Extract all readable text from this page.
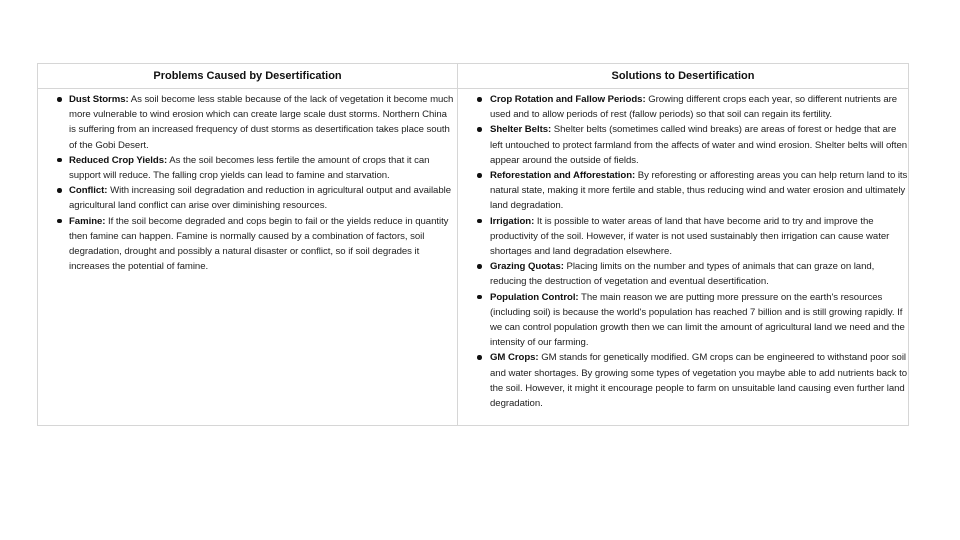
Problems Caused by Desertification
Dust Storms: As soil become less stable because of the lack of vegetation it become much more vulnerable to wind erosion which can create large scale dust storms. Northern China is suffering from an increased frequency of dust storms as desertification takes place south of the Gobi Desert.
Reduced Crop Yields: As the soil becomes less fertile the amount of crops that it can support will reduce. The falling crop yields can lead to famine and starvation.
Conflict: With increasing soil degradation and reduction in agricultural output and available agricultural land conflict can arise over diminishing resources.
Famine: If the soil become degraded and cops begin to fail or the yields reduce in quantity then famine can happen. Famine is normally caused by a combination of factors, soil degradation, drought and possibly a natural disaster or conflict, so if soil degrades it increases the potential of famine.
Solutions to Desertification
Crop Rotation and Fallow Periods: Growing different crops each year, so different nutrients are used and to allow periods of rest (fallow periods) so that soil can regain its fertility.
Shelter Belts: Shelter belts (sometimes called wind breaks) are areas of forest or hedge that are left untouched to protect farmland from the affects of water and wind erosion. Shelter belts will often appear around the outside of fields.
Reforestation and Afforestation: By reforesting or afforesting areas you can help return land to its natural state, making it more fertile and stable, thus reducing wind and water erosion and ultimately land degradation.
Irrigation: It is possible to water areas of land that have become arid to try and improve the productivity of the soil. However, if water is not used sustainably then irrigation can cause water shortages and land degradation elsewhere.
Grazing Quotas: Placing limits on the number and types of animals that can graze on land, reducing the destruction of vegetation and eventual desertification.
Population Control: The main reason we are putting more pressure on the earth's resources (including soil) is because the world's population has reached 7 billion and is still growing rapidly. If we can control population growth then we can limit the amount of agricultural land we need and the intensity of our farming.
GM Crops: GM stands for genetically modified. GM crops can be engineered to withstand poor soil and water shortages. By growing some types of vegetation you maybe able to add nutrients back to the soil. However, it might it encourage people to farm on unsuitable land causing even further land degradation.
